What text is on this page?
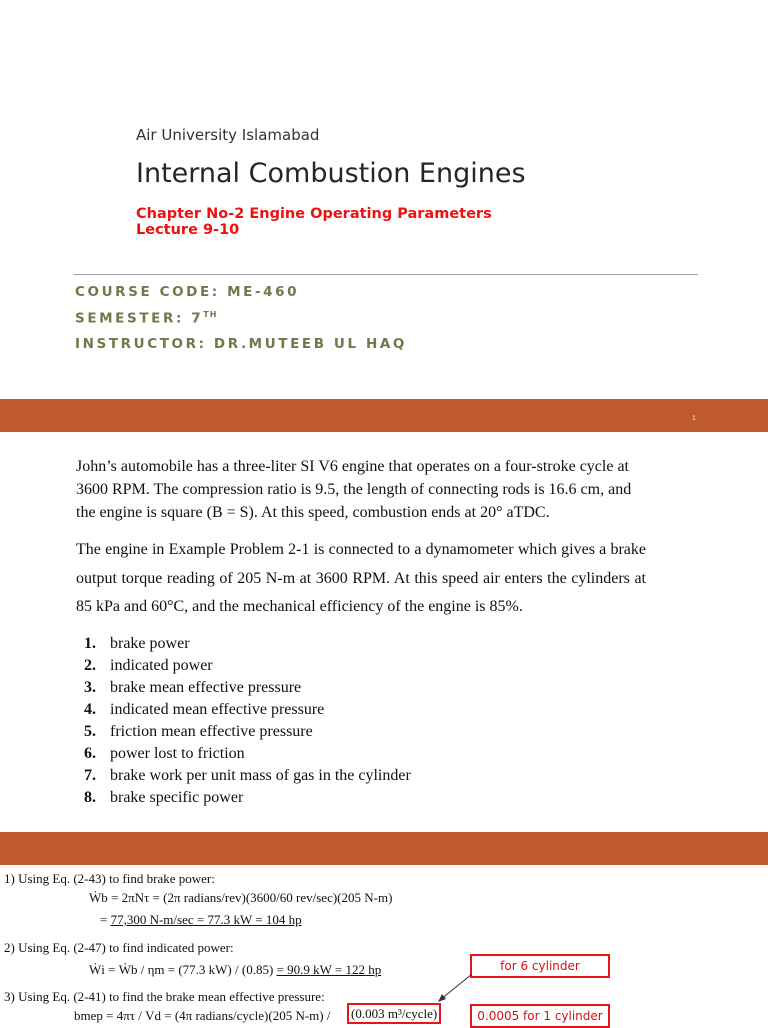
Air University Islamabad
Internal Combustion Engines
Chapter No-2 Engine Operating Parameters
Lecture 9-10
COURSE CODE: ME-460
SEMESTER: 7TH
INSTRUCTOR: DR.MUTEEB UL HAQ
1
John’s automobile has a three-liter SI V6 engine that operates on a four-stroke cycle at 3600 RPM. The compression ratio is 9.5, the length of connecting rods is 16.6 cm, and the engine is square (B = S). At this speed, combustion ends at 20° aTDC.
The engine in Example Problem 2-1 is connected to a dynamometer which gives a brake output torque reading of 205 N-m at 3600 RPM. At this speed air enters the cylinders at 85 kPa and 60°C, and the mechanical efficiency of the engine is 85%.
1. brake power
2. indicated power
3. brake mean effective pressure
4. indicated mean effective pressure
5. friction mean effective pressure
6. power lost to friction
7. brake work per unit mass of gas in the cylinder
8. brake specific power
1) Using Eq. (2-43) to find brake power:
Ẇb = 2πNτ = (2π radians/rev)(3600/60 rev/sec)(205 N-m)
= 77,300 N-m/sec = 77.3 kW = 104 hp
2) Using Eq. (2-47) to find indicated power:
Ẇi = Ẇb / ηm = (77.3 kW) / (0.85) = 90.9 kW = 122 hp
3) Using Eq. (2-41) to find the brake mean effective pressure:
bmep = 4πτ / Vd = (4π radians/cycle)(205 N-m) /	(0.003 m³/cycle)
for 6 cylinder
0.0005 for 1 cylinder
